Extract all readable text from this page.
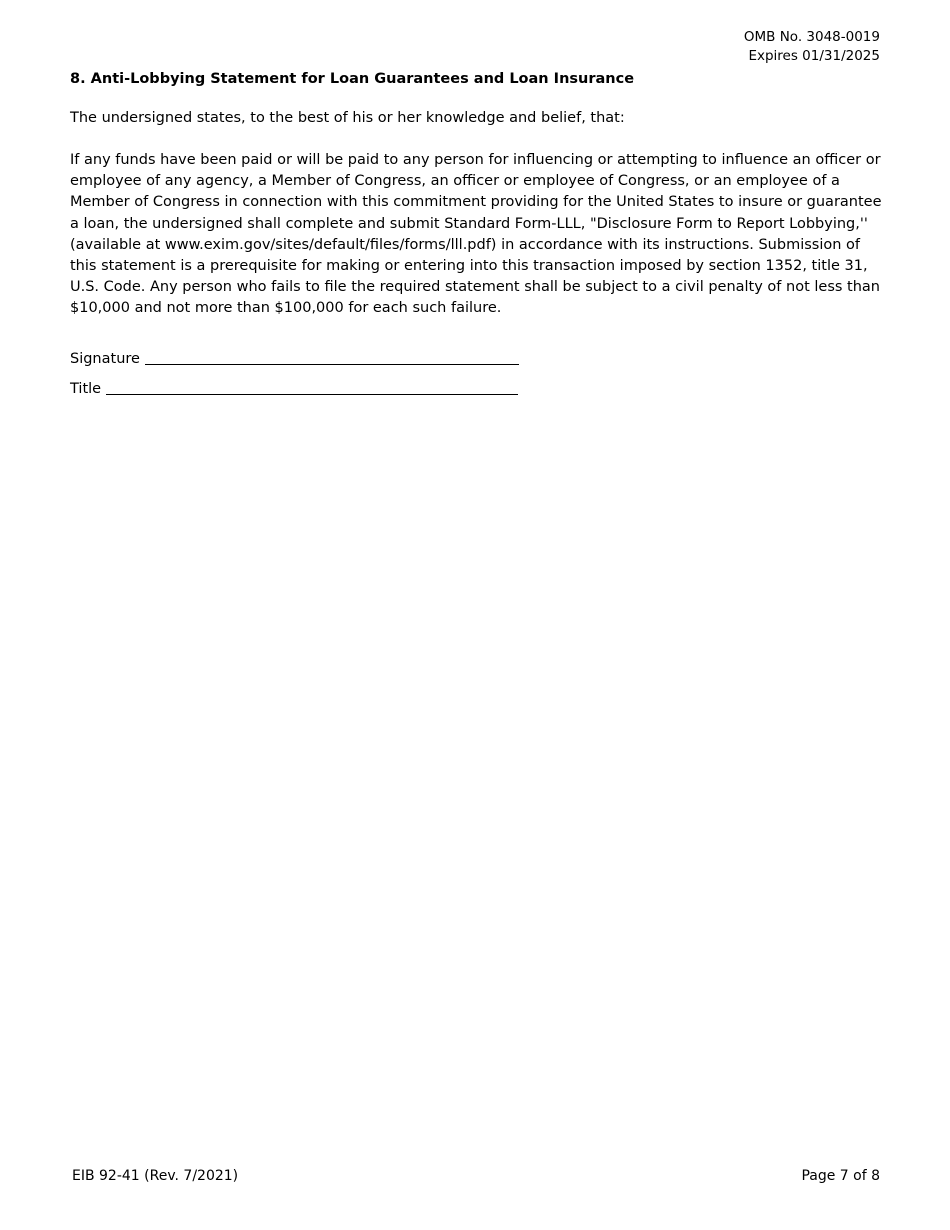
OMB No. 3048-0019
Expires 01/31/2025
8. Anti-Lobbying Statement for Loan Guarantees and Loan Insurance
The undersigned states, to the best of his or her knowledge and belief, that:
If any funds have been paid or will be paid to any person for influencing or attempting to influence an officer or
employee of any agency, a Member of Congress, an officer or employee of Congress, or an employee of a
Member of Congress in connection with this commitment providing for the United States to insure or guarantee
a loan, the undersigned shall complete and submit Standard Form-LLL, "Disclosure Form to Report Lobbying,''
(available at www.exim.gov/sites/default/files/forms/lll.pdf) in accordance with its instructions. Submission of
this statement is a prerequisite for making or entering into this transaction imposed by section 1352, title 31,
U.S. Code. Any person who fails to file the required statement shall be subject to a civil penalty of not less than
$10,000 and not more than $100,000 for each such failure.
Signature
Title
EIB 92-41 (Rev. 7/2021)	Page 7 of 8
